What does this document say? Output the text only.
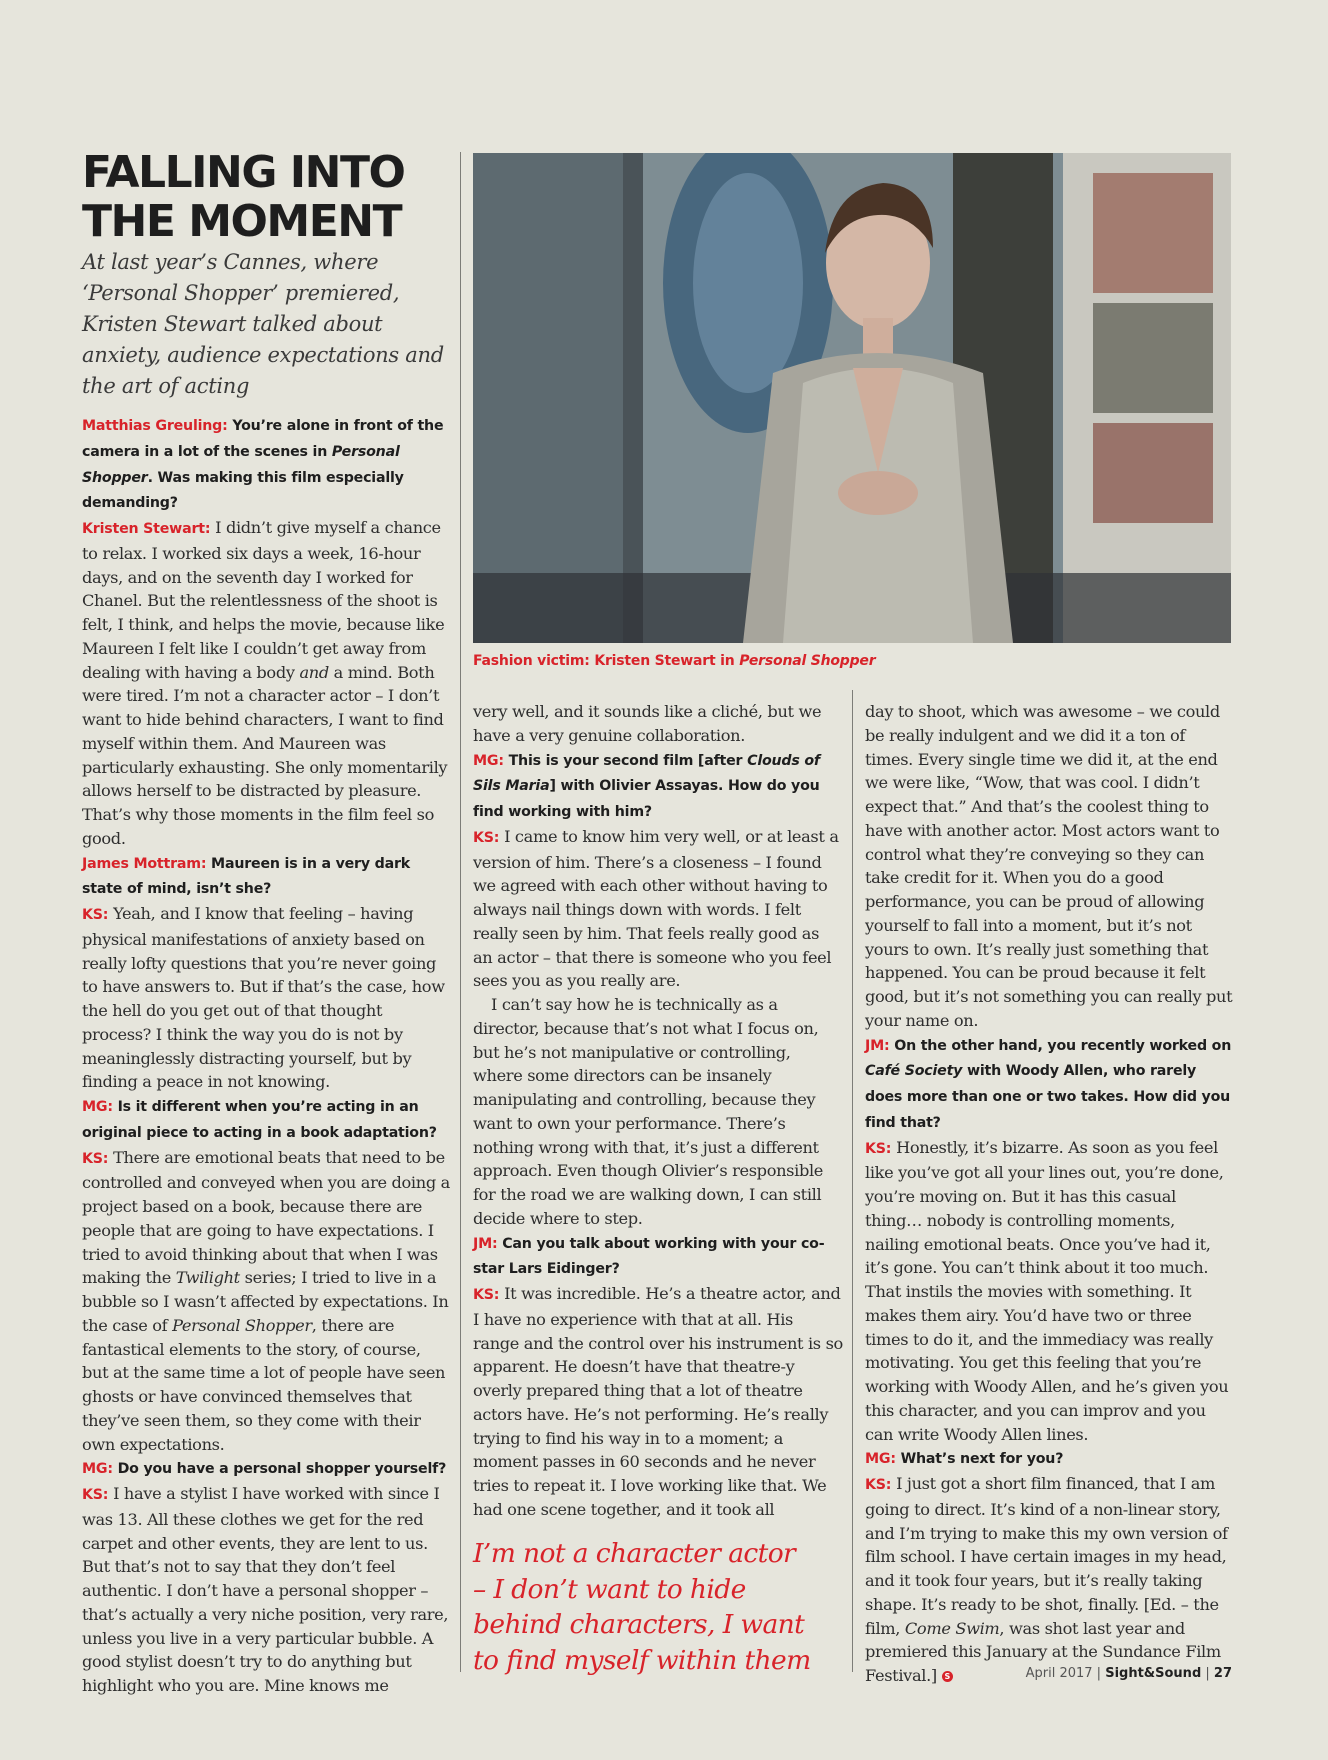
FALLING INTO THE MOMENT

At last year’s Cannes, where ‘Personal Shopper’ premiered, Kristen Stewart talked about anxiety, audience expectations and the art of acting

Fashion victim: Kristen Stewart in Personal Shopper

Matthias Greuling: You’re alone in front of the camera in a lot of the scenes in Personal Shopper. Was making this film especially demanding?

Kristen Stewart: I didn’t give myself a chance to relax. I worked six days a week, 16-hour days, and on the seventh day I worked for Chanel. But the relentlessness of the shoot is felt, I think, and helps the movie, because like Maureen I felt like I couldn’t get away from dealing with having a body and a mind. Both were tired. I’m not a character actor – I don’t want to hide behind characters, I want to find myself within them. And Maureen was particularly exhausting. She only momentarily allows herself to be distracted by pleasure. That’s why those moments in the film feel so good.

James Mottram: Maureen is in a very dark state of mind, isn’t she?

KS: Yeah, and I know that feeling – having physical manifestations of anxiety based on really lofty questions that you’re never going to have answers to. But if that’s the case, how the hell do you get out of that thought process? I think the way you do is not by meaninglessly distracting yourself, but by finding a peace in not knowing.

MG: Is it different when you’re acting in an original piece to acting in a book adaptation?

KS: There are emotional beats that need to be controlled and conveyed when you are doing a project based on a book, because there are people that are going to have expectations. I tried to avoid thinking about that when I was making the Twilight series; I tried to live in a bubble so I wasn’t affected by expectations. In the case of Personal Shopper, there are fantastical elements to the story, of course, but at the same time a lot of people have seen ghosts or have convinced themselves that they’ve seen them, so they come with their own expectations.

MG: Do you have a personal shopper yourself?

KS: I have a stylist I have worked with since I was 13. All these clothes we get for the red carpet and other events, they are lent to us. But that’s not to say that they don’t feel authentic. I don’t have a personal shopper – that’s actually a very niche position, very rare, unless you live in a very particular bubble. A good stylist doesn’t try to do anything but highlight who you are. Mine knows me

very well, and it sounds like a cliché, but we have a very genuine collaboration.

MG: This is your second film [after Clouds of Sils Maria] with Olivier Assayas. How do you find working with him?

KS: I came to know him very well, or at least a version of him. There’s a closeness – I found we agreed with each other without having to always nail things down with words. I felt really seen by him. That feels really good as an actor – that there is someone who you feel sees you as you really are.

I can’t say how he is technically as a director, because that’s not what I focus on, but he’s not manipulative or controlling, where some directors can be insanely manipulating and controlling, because they want to own your performance. There’s nothing wrong with that, it’s just a different approach. Even though Olivier’s responsible for the road we are walking down, I can still decide where to step.

JM: Can you talk about working with your co-star Lars Eidinger?

KS: It was incredible. He’s a theatre actor, and I have no experience with that at all. His range and the control over his instrument is so apparent. He doesn’t have that theatre-y overly prepared thing that a lot of theatre actors have. He’s not performing. He’s really trying to find his way in to a moment; a moment passes in 60 seconds and he never tries to repeat it. I love working like that. We had one scene together, and it took all

I’m not a character actor – I don’t want to hide behind characters, I want to find myself within them

day to shoot, which was awesome – we could be really indulgent and we did it a ton of times. Every single time we did it, at the end we were like, “Wow, that was cool. I didn’t expect that.” And that’s the coolest thing to have with another actor. Most actors want to control what they’re conveying so they can take credit for it. When you do a good performance, you can be proud of allowing yourself to fall into a moment, but it’s not yours to own. It’s really just something that happened. You can be proud because it felt good, but it’s not something you can really put your name on.

JM: On the other hand, you recently worked on Café Society with Woody Allen, who rarely does more than one or two takes. How did you find that?

KS: Honestly, it’s bizarre. As soon as you feel like you’ve got all your lines out, you’re done, you’re moving on. But it has this casual thing… nobody is controlling moments, nailing emotional beats. Once you’ve had it, it’s gone. You can’t think about it too much. That instils the movies with something. It makes them airy. You’d have two or three times to do it, and the immediacy was really motivating. You get this feeling that you’re working with Woody Allen, and he’s given you this character, and you can improv and you can write Woody Allen lines.

MG: What’s next for you?

KS: I just got a short film financed, that I am going to direct. It’s kind of a non-linear story, and I’m trying to make this my own version of film school. I have certain images in my head, and it took four years, but it’s really taking shape. It’s ready to be shot, finally. [Ed. – the film, Come Swim, was shot last year and premiered this January at the Sundance Film Festival.] S	April 2017 | Sight&Sound | 27
